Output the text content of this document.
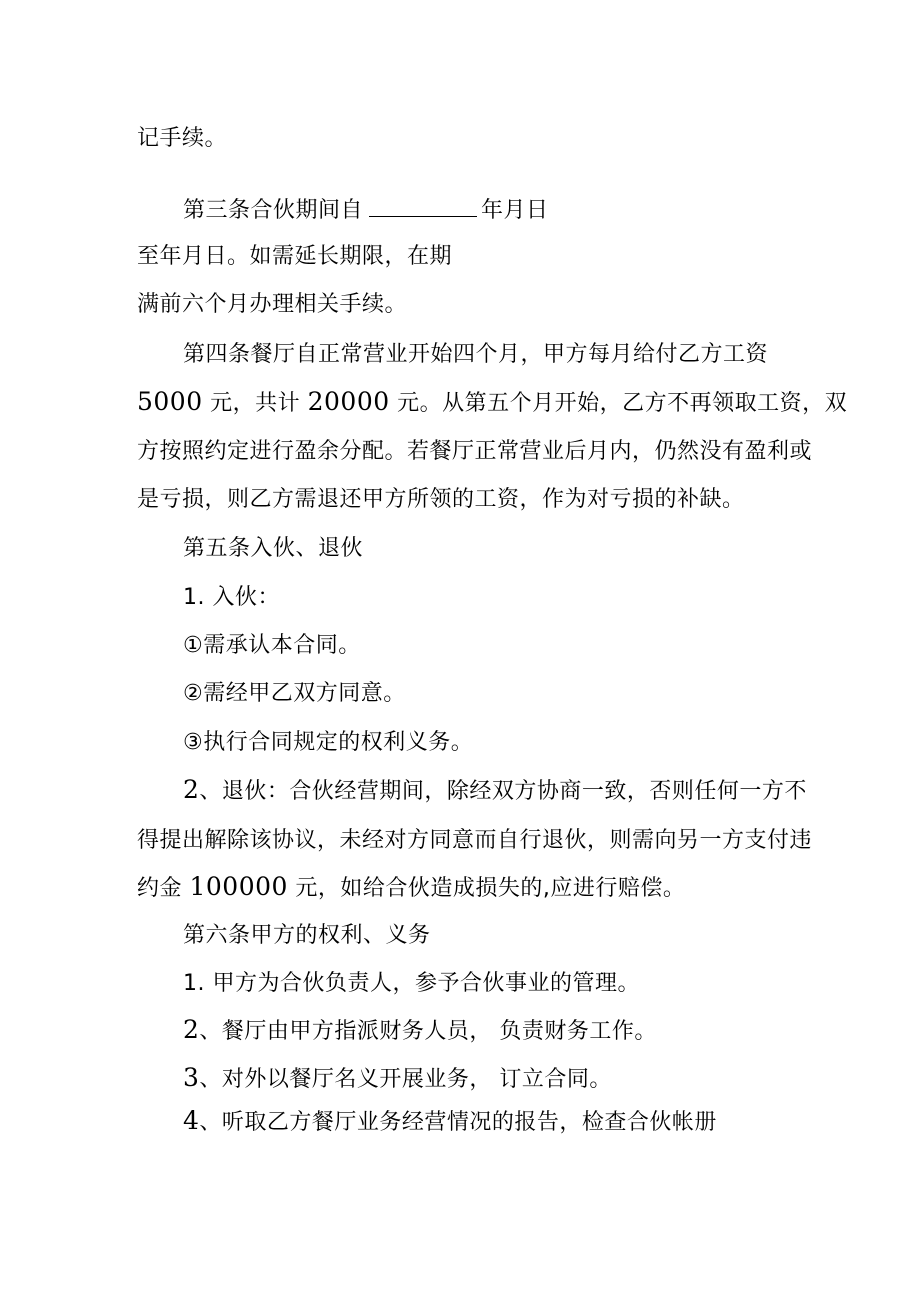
记手续。

第三条合伙期间自	年月日

至年月日。如需延长期限，在期

满前六个月办理相关手续。

第四条餐厅自正常营业开始四个月，甲方每月给付乙方工资

5000 元，共计 20000 元。从第五个月开始，乙方不再领取工资，双

方按照约定进行盈余分配。若餐厅正常营业后月内，仍然没有盈利或

是亏损，则乙方需退还甲方所领的工资，作为对亏损的补缺。

第五条入伙、退伙

1. 入伙：

①需承认本合同。

②需经甲乙双方同意。

③执行合同规定的权利义务。

2、退伙：合伙经营期间，除经双方协商一致，否则任何一方不

得提出解除该协议，未经对方同意而自行退伙，则需向另一方支付违

约金 100000 元，如给合伙造成损失的,应进行赔偿。

第六条甲方的权利、义务

1. 甲方为合伙负责人，参予合伙事业的管理。

2、餐厅由甲方指派财务人员， 负责财务工作。

3、对外以餐厅名义开展业务， 订立合同。

4、听取乙方餐厅业务经营情况的报告，检查合伙帐册
